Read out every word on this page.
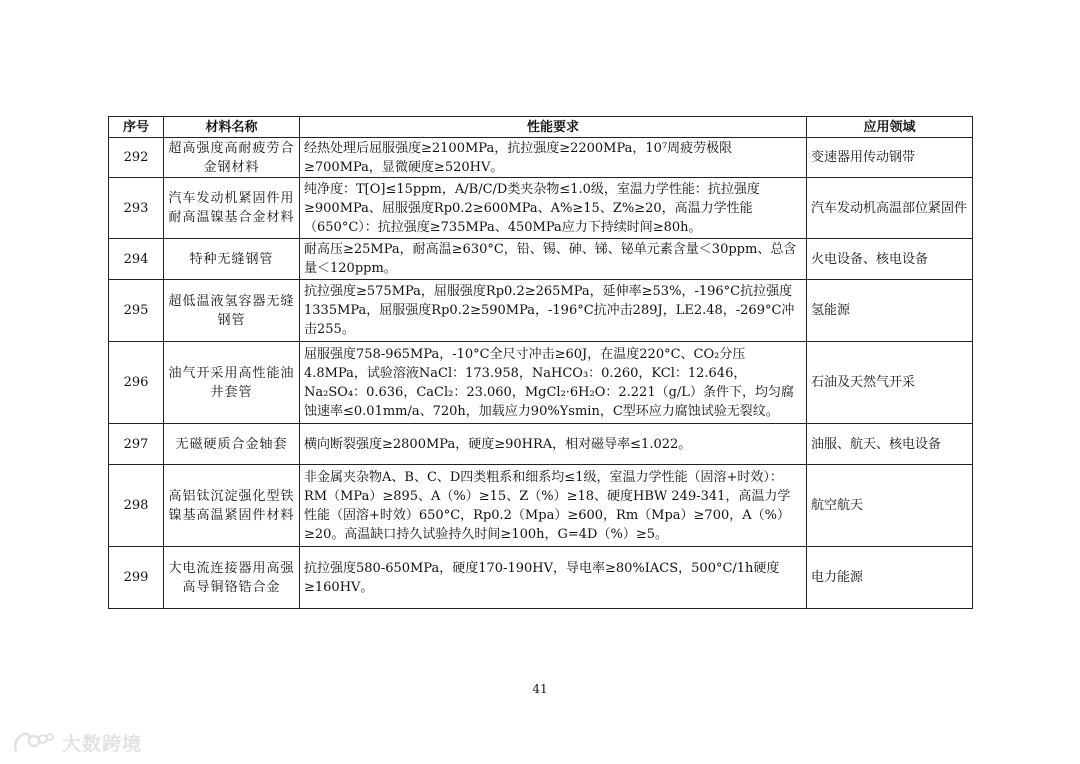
序号	材料名称	性能要求	应用领域
292	超高强度高耐疲劳合金钢材料	经热处理后屈服强度≥2100MPa，抗拉强度≥2200MPa，10⁷周疲劳极限≥700MPa，显微硬度≥520HV。	变速器用传动钢带
293	汽车发动机紧固件用耐高温镍基合金材料	纯净度：T[O]≤15ppm，A/B/C/D类夹杂物≤1.0级，室温力学性能：抗拉强度≥900MPa、屈服强度Rp0.2≥600MPa、A%≥15、Z%≥20，高温力学性能（650°C）：抗拉强度≥735MPa、450MPa应力下持续时间≥80h。	汽车发动机高温部位紧固件
294	特种无缝钢管	耐高压≥25MPa，耐高温≥630°C，铅、锡、砷、锑、铋单元素含量＜30ppm、总含量＜120ppm。	火电设备、核电设备
295	超低温液氢容器无缝钢管	抗拉强度≥575MPa，屈服强度Rp0.2≥265MPa，延伸率≥53%，-196°C抗拉强度1335MPa，屈服强度Rp0.2≥590MPa，-196°C抗冲击289J，LE2.48，-269°C冲击255。	氢能源
296	油气开采用高性能油井套管	屈服强度758-965MPa，-10°C全尺寸冲击≥60J，在温度220°C、CO₂分压4.8MPa，试验溶液NaCl：173.958，NaHCO₃：0.260，KCl：12.646，Na₂SO₄：0.636，CaCl₂：23.060，MgCl₂·6H₂O：2.221（g/L）条件下，均匀腐蚀速率≤0.01mm/a、720h，加载应力90%Ysmin，C型环应力腐蚀试验无裂纹。	石油及天然气开采
297	无磁硬质合金轴套	横向断裂强度≥2800MPa，硬度≥90HRA，相对磁导率≤1.022。	油服、航天、核电设备
298	高铝钛沉淀强化型铁镍基高温紧固件材料	非金属夹杂物A、B、C、D四类粗系和细系均≤1级，室温力学性能（固溶+时效）：RM（MPa）≥895、A（%）≥15、Z（%）≥18、硬度HBW 249-341，高温力学性能（固溶+时效）650°C，Rp0.2（Mpa）≥600，Rm（Mpa）≥700，A（%）≥20。高温缺口持久试验持久时间≥100h，G=4D（%）≥5。	航空航天
299	大电流连接器用高强高导铜铬锆合金	抗拉强度580-650MPa，硬度170-190HV，导电率≥80%IACS，500°C/1h硬度≥160HV。	电力能源
41
大数跨境
